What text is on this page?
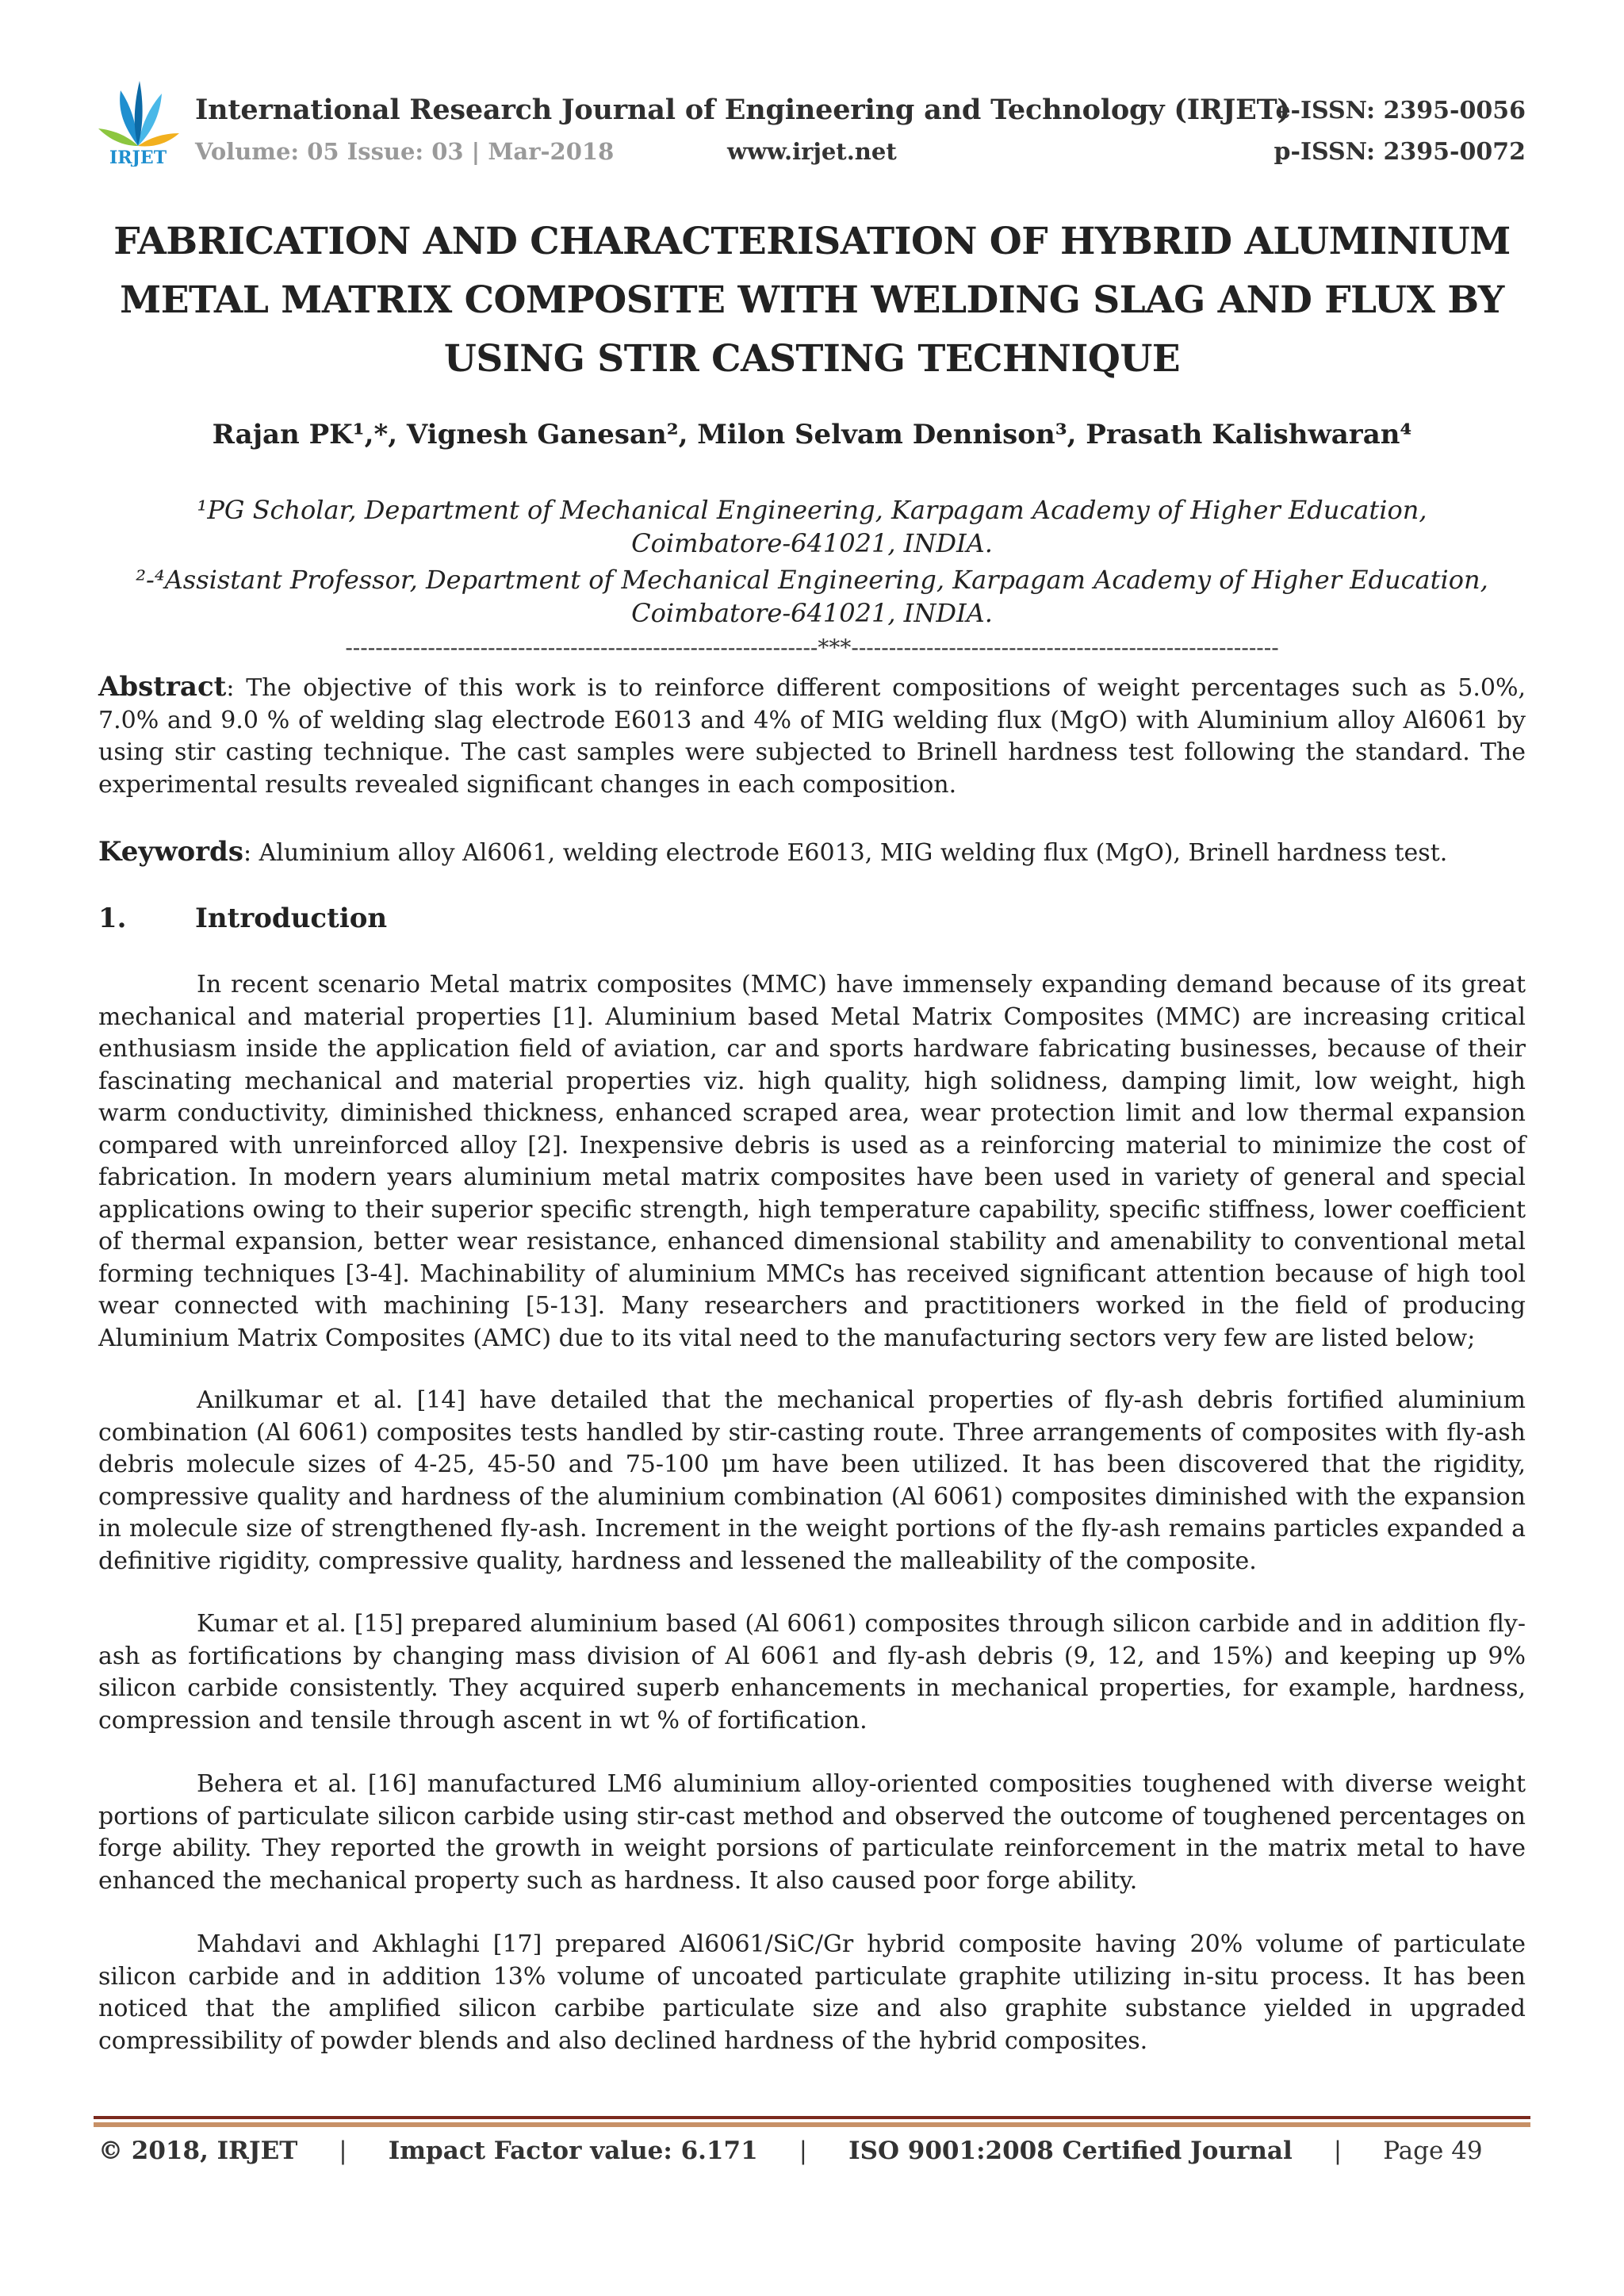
IRJET
International Research Journal of Engineering and Technology (IRJET)
Volume: 05 Issue: 03 | Mar-2018	www.irjet.net
e-ISSN: 2395-0056
p-ISSN: 2395-0072
FABRICATION AND CHARACTERISATION OF HYBRID ALUMINIUM METAL MATRIX COMPOSITE WITH WELDING SLAG AND FLUX BY USING STIR CASTING TECHNIQUE

Rajan PK¹,*, Vignesh Ganesan², Milon Selvam Dennison³, Prasath Kalishwaran⁴

¹PG Scholar, Department of Mechanical Engineering, Karpagam Academy of Higher Education, Coimbatore-641021, INDIA.

²‑⁴Assistant Professor, Department of Mechanical Engineering, Karpagam Academy of Higher Education, Coimbatore-641021, INDIA.

---------------------------------------------------------------***---------------------------------------------------------

Abstract: The objective of this work is to reinforce different compositions of weight percentages such as 5.0%, 7.0% and 9.0 % of welding slag electrode E6013 and 4% of MIG welding flux (MgO) with Aluminium alloy Al6061 by using stir casting technique. The cast samples were subjected to Brinell hardness test following the standard. The experimental results revealed significant changes in each composition.

Keywords: Aluminium alloy Al6061, welding electrode E6013, MIG welding flux (MgO), Brinell hardness test.

1.	Introduction

In recent scenario Metal matrix composites (MMC) have immensely expanding demand because of its great mechanical and material properties [1]. Aluminium based Metal Matrix Composites (MMC) are increasing critical enthusiasm inside the application field of aviation, car and sports hardware fabricating businesses, because of their fascinating mechanical and material properties viz. high quality, high solidness, damping limit, low weight, high warm conductivity, diminished thickness, enhanced scraped area, wear protection limit and low thermal expansion compared with unreinforced alloy [2]. Inexpensive debris is used as a reinforcing material to minimize the cost of fabrication. In modern years aluminium metal matrix composites have been used in variety of general and special applications owing to their superior specific strength, high temperature capability, specific stiffness, lower coefficient of thermal expansion, better wear resistance, enhanced dimensional stability and amenability to conventional metal forming techniques [3-4]. Machinability of aluminium MMCs has received significant attention because of high tool wear connected with machining [5-13]. Many researchers and practitioners worked in the field of producing Aluminium Matrix Composites (AMC) due to its vital need to the manufacturing sectors very few are listed below;

Anilkumar et al. [14] have detailed that the mechanical properties of fly-ash debris fortified aluminium combination (Al 6061) composites tests handled by stir-casting route. Three arrangements of composites with fly-ash debris molecule sizes of 4-25, 45-50 and 75-100 μm have been utilized. It has been discovered that the rigidity, compressive quality and hardness of the aluminium combination (Al 6061) composites diminished with the expansion in molecule size of strengthened fly-ash. Increment in the weight portions of the fly-ash remains particles expanded a definitive rigidity, compressive quality, hardness and lessened the malleability of the composite.

Kumar et al. [15] prepared aluminium based (Al 6061) composites through silicon carbide and in addition fly-ash as fortifications by changing mass division of Al 6061 and fly-ash debris (9, 12, and 15%) and keeping up 9% silicon carbide consistently. They acquired superb enhancements in mechanical properties, for example, hardness, compression and tensile through ascent in wt % of fortification.

Behera et al. [16] manufactured LM6 aluminium alloy-oriented composities toughened with diverse weight portions of particulate silicon carbide using stir-cast method and observed the outcome of toughened percentages on forge ability. They reported the growth in weight porsions of particulate reinforcement in the matrix metal to have enhanced the mechanical property such as hardness. It also caused poor forge ability.

Mahdavi and Akhlaghi [17] prepared Al6061/SiC/Gr hybrid composite having 20% volume of particulate silicon carbide and in addition 13% volume of uncoated particulate graphite utilizing in-situ process. It has been noticed that the amplified silicon carbibe particulate size and also graphite substance yielded in upgraded compressibility of powder blends and also declined hardness of the hybrid composites.

© 2018, IRJET | Impact Factor value: 6.171 | ISO 9001:2008 Certified Journal | Page 49
